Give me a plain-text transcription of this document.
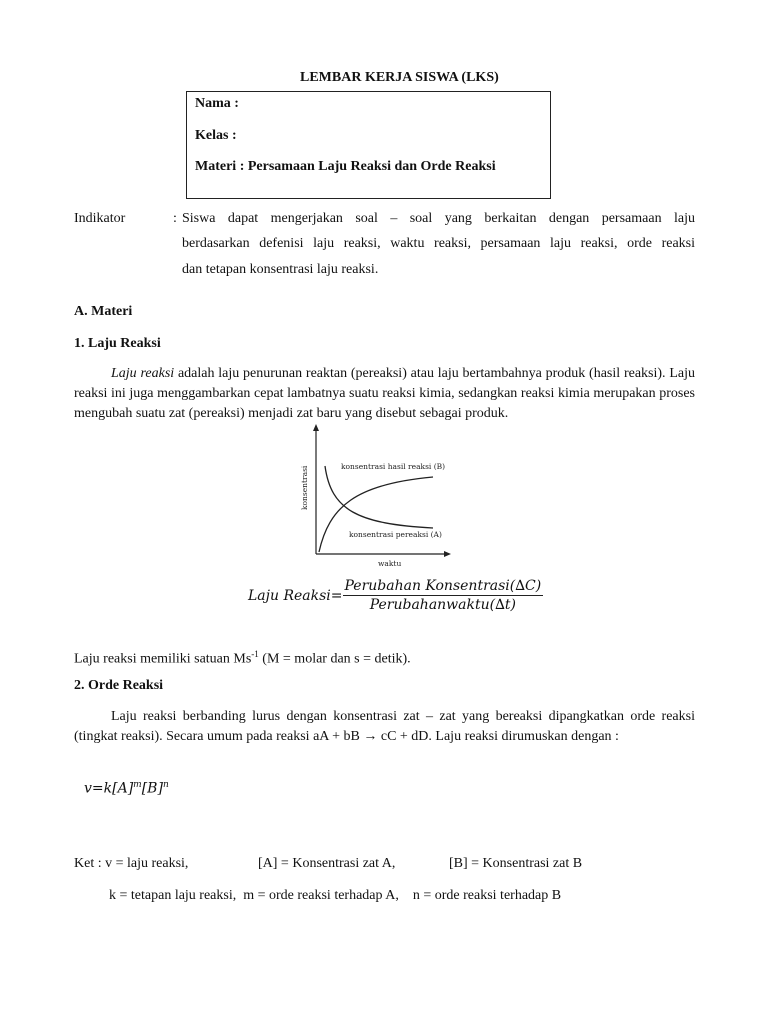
LEMBAR KERJA SISWA (LKS)
Nama :
Kelas :
Materi : Persamaan Laju Reaksi dan Orde Reaksi
Indikator	: Siswa dapat mengerjakan soal – soal yang berkaitan dengan persamaan laju
berdasarkan defenisi laju reaksi, waktu reaksi, persamaan laju reaksi, orde reaksi
dan tetapan konsentrasi laju reaksi.
A. Materi
1. Laju Reaksi
Laju reaksi adalah laju penurunan reaktan (pereaksi) atau laju bertambahnya produk (hasil reaksi). Laju reaksi ini juga menggambarkan cepat lambatnya suatu reaksi kimia, sedangkan reaksi kimia merupakan proses mengubah suatu zat (pereaksi) menjadi zat baru yang disebut sebagai produk.
konsentrasi hasil reaksi (B)
konsentrasi pereaksi (A)
waktu
konsentrasi
Laju Reaksi= $\frac{\text{Perubahan Konsentrasi(∆C)}}{\text{Perubahanwaktu(∆t)}}$
Laju reaksi memiliki satuan $Ms^{-1}$ (M = molar dan s = detik).
2. Orde Reaksi
Laju reaksi berbanding lurus dengan konsentrasi zat – zat yang bereaksi dipangkatkan orde reaksi (tingkat reaksi). Secara umum pada reaksi aA + bB → cC + dD. Laju reaksi dirumuskan dengan :
$v=k[A]^m[B]^n$
Ket : v = laju reaksi,	[A] = Konsentrasi zat A,	[B] = Konsentrasi zat B
k = tetapan laju reaksi,  m = orde reaksi terhadap A,    n = orde reaksi terhadap B
